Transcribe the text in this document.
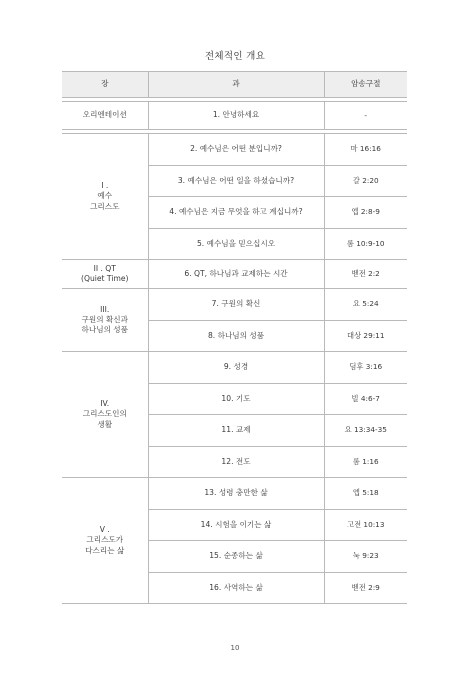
전체적인 개요
장	과	암송구절

오리엔테이션	1. 안녕하세요	-

I .
예수
그리스도	2. 예수님은 어떤 분입니까?	마 16:16
	3. 예수님은 어떤 일을 하셨습니까?	갈 2:20
	4. 예수님은 지금 무엇을 하고 계십니까?	엡 2:8-9
	5. 예수님을 믿으십시오	롬 10:9-10

II . QT
(Quiet Time)	6. QT, 하나님과 교제하는 시간	벧전 2:2

III.
구원의 확신과
하나님의 성품	7. 구원의 확신	요 5:24
	8. 하나님의 성품	대상 29:11

IV.
그리스도인의
생활	9. 성경	딤후 3:16
	10. 기도	빌 4:6-7
	11. 교제	요 13:34-35
	12. 전도	롬 1:16

V .
그리스도가
다스리는 삶	13. 성령 충만한 삶	엡 5:18
	14. 시험을 이기는 삶	고전 10:13
	15. 순종하는 삶	눅 9:23
	16. 사역하는 삶	벧전 2:9
10
